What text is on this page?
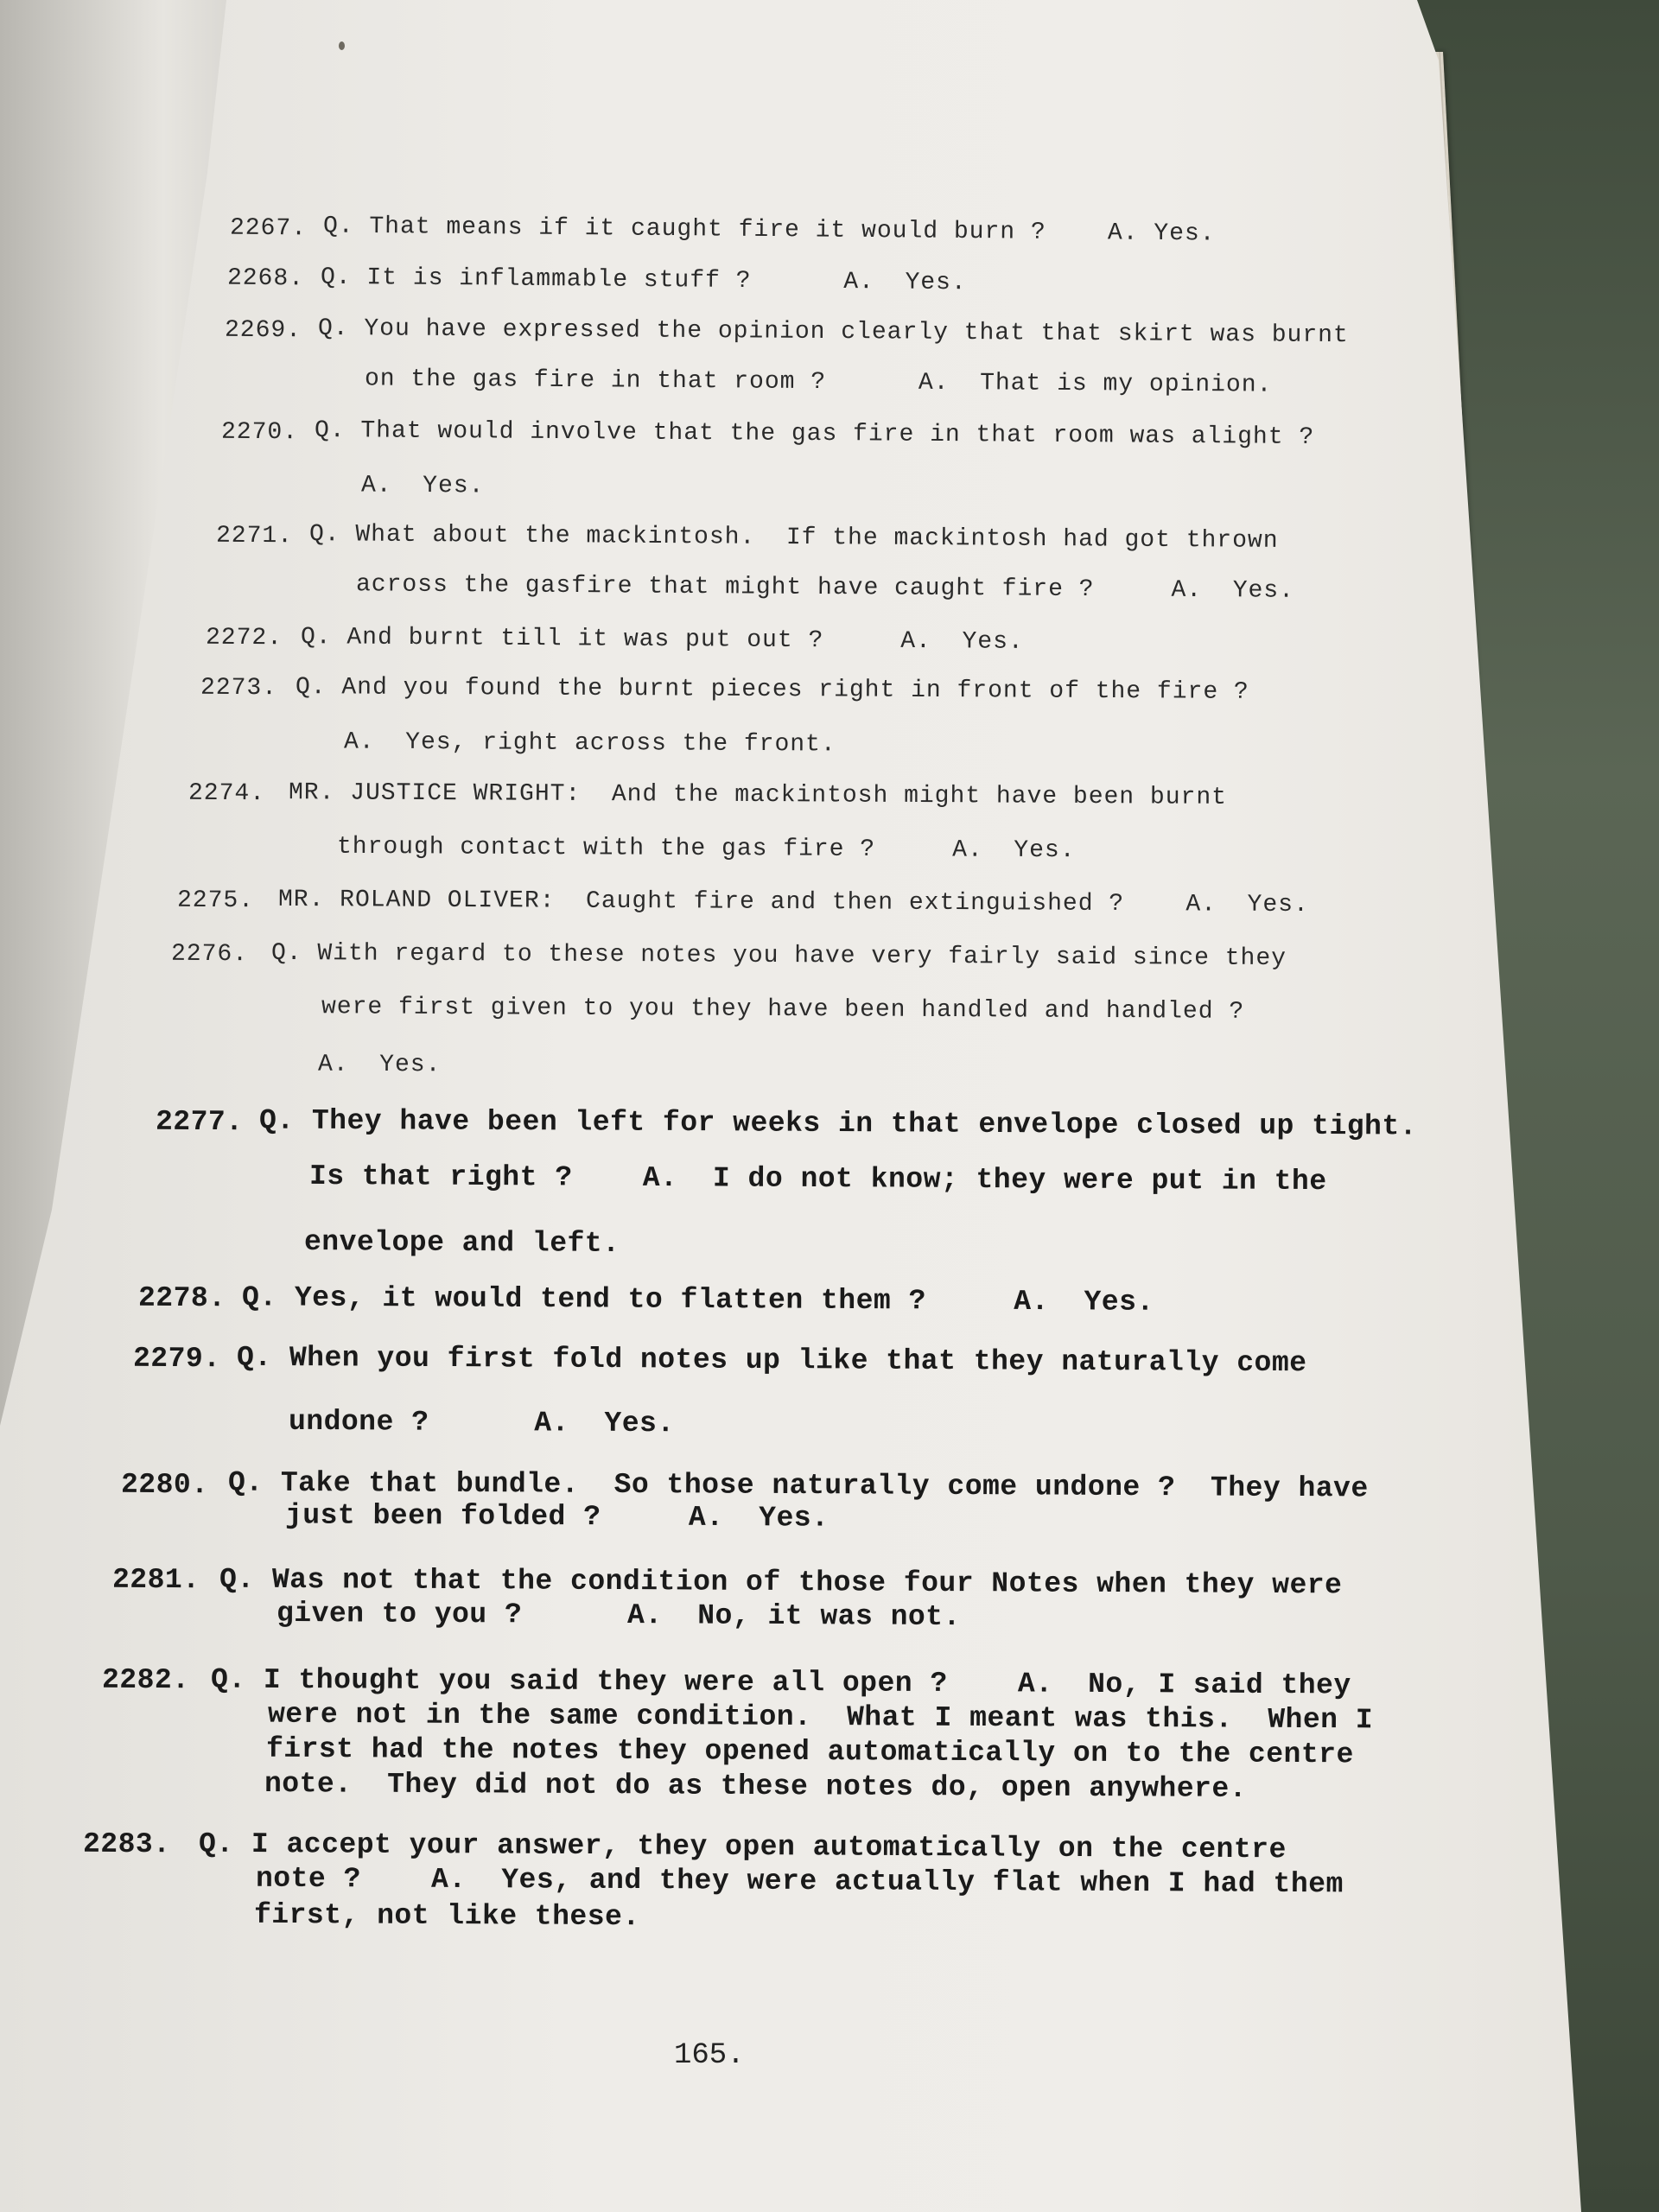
2267. Q. That means if it caught fire it would burn ?    A. Yes.
2268. Q. It is inflammable stuff ?      A.  Yes.
2269. Q. You have expressed the opinion clearly that that skirt was burnt
on the gas fire in that room ?      A.  That is my opinion.
2270. Q. That would involve that the gas fire in that room was alight ?
A.  Yes.
2271. Q. What about the mackintosh.  If the mackintosh had got thrown
across the gasfire that might have caught fire ?     A.  Yes.
2272. Q. And burnt till it was put out ?     A.  Yes.
2273. Q. And you found the burnt pieces right in front of the fire ?
A.  Yes, right across the front.
2274. MR. JUSTICE WRIGHT:  And the mackintosh might have been burnt
through contact with the gas fire ?     A.  Yes.
2275. MR. ROLAND OLIVER:  Caught fire and then extinguished ?    A.  Yes.
2276. Q. With regard to these notes you have very fairly said since they
were first given to you they have been handled and handled ?
A.  Yes.
2277. Q. They have been left for weeks in that envelope closed up tight.
Is that right ?    A.  I do not know; they were put in the
envelope and left.
2278. Q. Yes, it would tend to flatten them ?     A.  Yes.
2279. Q. When you first fold notes up like that they naturally come
undone ?      A.  Yes.
2280. Q. Take that bundle.  So those naturally come undone ?  They have
just been folded ?     A.  Yes.
2281. Q. Was not that the condition of those four Notes when they were
given to you ?      A.  No, it was not.
2282. Q. I thought you said they were all open ?    A.  No, I said they
were not in the same condition.  What I meant was this.  When I
first had the notes they opened automatically on to the centre
note.  They did not do as these notes do, open anywhere.
2283. Q. I accept your answer, they open automatically on the centre
note ?    A.  Yes, and they were actually flat when I had them
first, not like these.
165.
